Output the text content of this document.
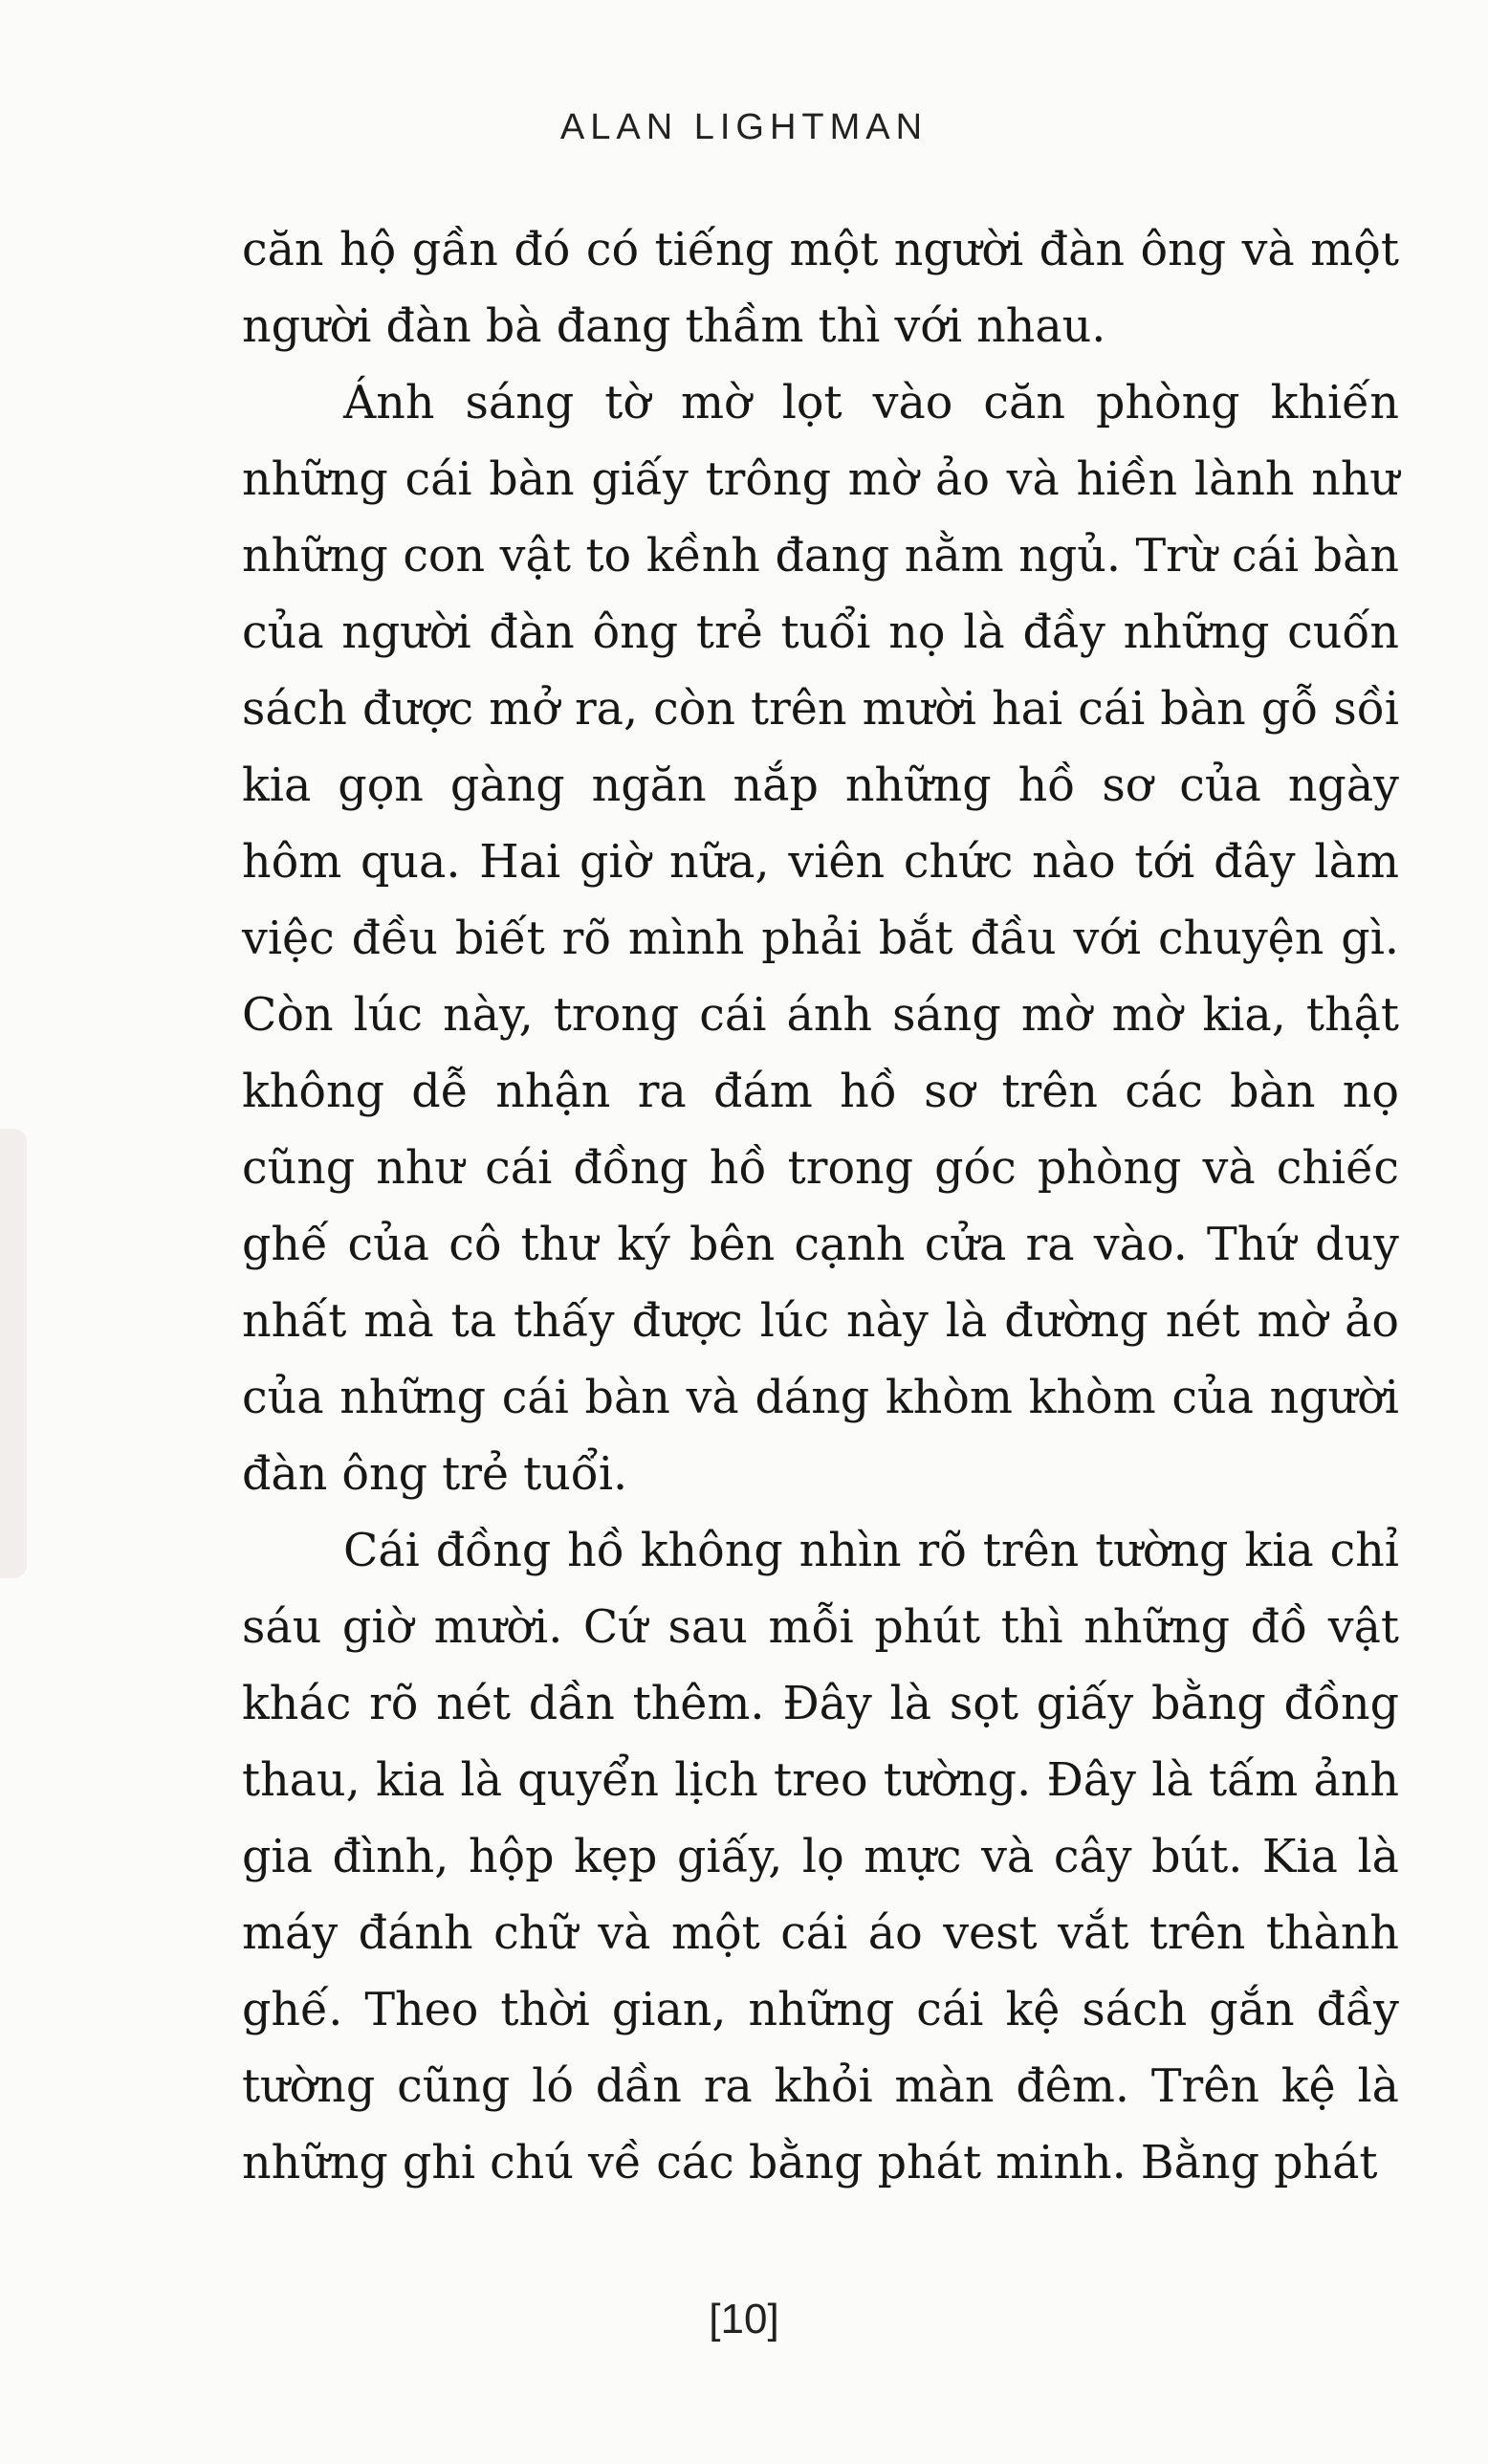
ALAN LIGHTMAN

căn hộ gần đó có tiếng một người đàn ông và một người đàn bà đang thầm thì với nhau.

Ánh sáng tờ mờ lọt vào căn phòng khiến những cái bàn giấy trông mờ ảo và hiền lành như những con vật to kềnh đang nằm ngủ. Trừ cái bàn của người đàn ông trẻ tuổi nọ là đầy những cuốn sách được mở ra, còn trên mười hai cái bàn gỗ sồi kia gọn gàng ngăn nắp những hồ sơ của ngày hôm qua. Hai giờ nữa, viên chức nào tới đây làm việc đều biết rõ mình phải bắt đầu với chuyện gì. Còn lúc này, trong cái ánh sáng mờ mờ kia, thật không dễ nhận ra đám hồ sơ trên các bàn nọ cũng như cái đồng hồ trong góc phòng và chiếc ghế của cô thư ký bên cạnh cửa ra vào. Thứ duy nhất mà ta thấy được lúc này là đường nét mờ ảo của những cái bàn và dáng khòm khòm của người đàn ông trẻ tuổi.

Cái đồng hồ không nhìn rõ trên tường kia chỉ sáu giờ mười. Cứ sau mỗi phút thì những đồ vật khác rõ nét dần thêm. Đây là sọt giấy bằng đồng thau, kia là quyển lịch treo tường. Đây là tấm ảnh gia đình, hộp kẹp giấy, lọ mực và cây bút. Kia là máy đánh chữ và một cái áo vest vắt trên thành ghế. Theo thời gian, những cái kệ sách gắn đầy tường cũng ló dần ra khỏi màn đêm. Trên kệ là những ghi chú về các bằng phát minh. Bằng phát

[10]
